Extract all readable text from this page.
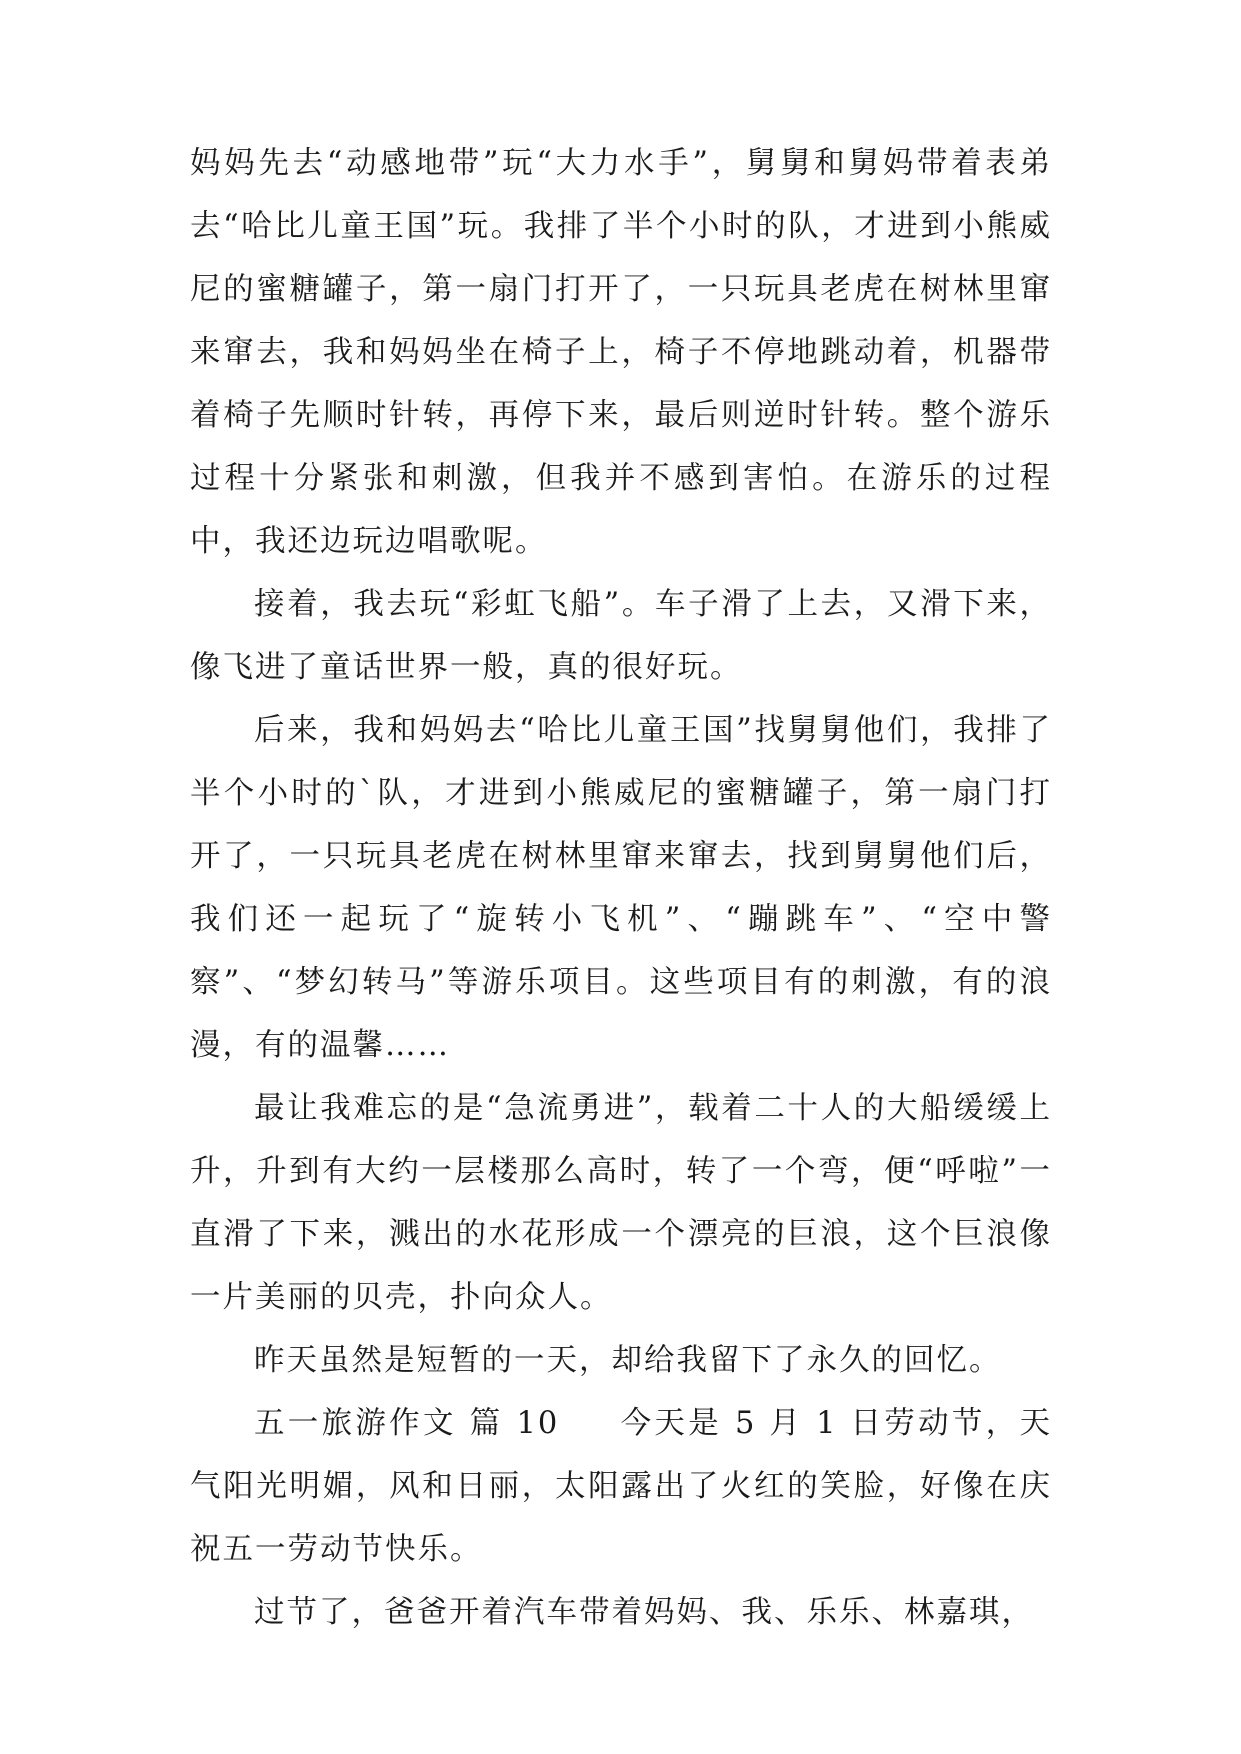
妈妈先去“动感地带”玩“大力水手”，舅舅和舅妈带着表弟去“哈比儿童王国”玩。我排了半个小时的队，才进到小熊威尼的蜜糖罐子，第一扇门打开了，一只玩具老虎在树林里窜来窜去，我和妈妈坐在椅子上，椅子不停地跳动着，机器带着椅子先顺时针转，再停下来，最后则逆时针转。整个游乐过程十分紧张和刺激，但我并不感到害怕。在游乐的过程中，我还边玩边唱歌呢。

接着，我去玩“彩虹飞船”。车子滑了上去，又滑下来，像飞进了童话世界一般，真的很好玩。

后来，我和妈妈去“哈比儿童王国”找舅舅他们，我排了半个小时的`队，才进到小熊威尼的蜜糖罐子，第一扇门打开了，一只玩具老虎在树林里窜来窜去，找到舅舅他们后，我们还一起玩了“旋转小飞机”、“蹦跳车”、“空中警察”、“梦幻转马”等游乐项目。这些项目有的刺激，有的浪漫，有的温馨……

最让我难忘的是“急流勇进”，载着二十人的大船缓缓上升，升到有大约一层楼那么高时，转了一个弯，便“呼啦”一直滑了下来，溅出的水花形成一个漂亮的巨浪，这个巨浪像一片美丽的贝壳，扑向众人。

昨天虽然是短暂的一天，却给我留下了永久的回忆。

五一旅游作文 篇 10 今天是 5 月 1 日劳动节，天气阳光明媚，风和日丽，太阳露出了火红的笑脸，好像在庆祝五一劳动节快乐。

过节了，爸爸开着汽车带着妈妈、我、乐乐、林嘉琪，
